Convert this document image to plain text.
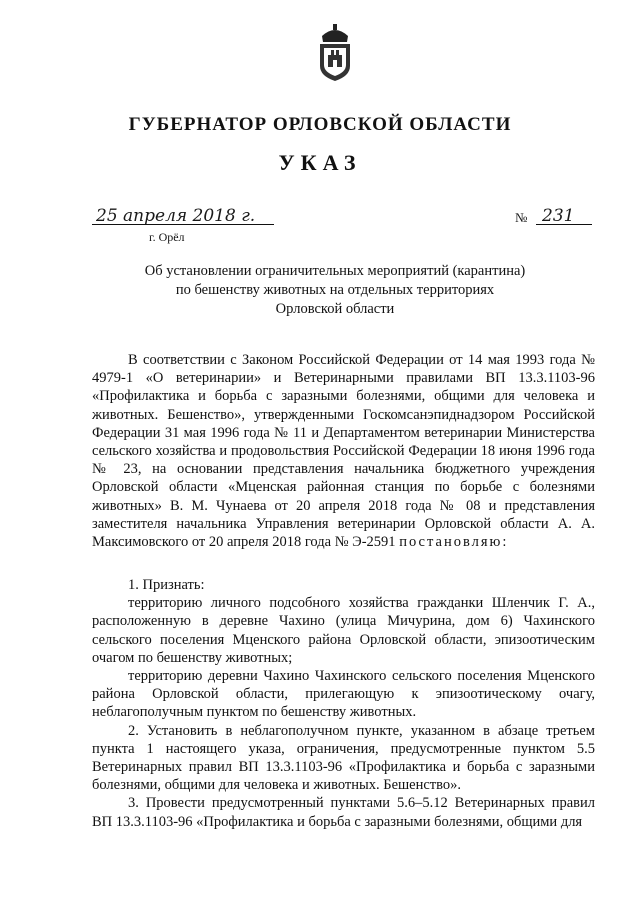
ГУБЕРНАТОР ОРЛОВСКОЙ ОБЛАСТИ
УКАЗ
25 апреля 2018 г.	№ 231
г. Орёл
Об установлении ограничительных мероприятий (карантина)
по бешенству животных на отдельных территориях
Орловской области

В соответствии с Законом Российской Федерации от 14 мая 1993 года № 4979-1 «О ветеринарии» и Ветеринарными правилами ВП 13.3.1103-96 «Профилактика и борьба с заразными болезнями, общими для человека и животных. Бешенство», утвержденными Госкомсанэпиднадзором Российской Федерации 31 мая 1996 года № 11 и Департаментом ветеринарии Министерства сельского хозяйства и продовольствия Российской Федерации 18 июня 1996 года № 23, на основании представления начальника бюджетного учреждения Орловской области «Мценская районная станция по борьбе с болезнями животных» В. М. Чунаева от 20 апреля 2018 года № 08 и представления заместителя начальника Управления ветеринарии Орловской области А. А. Максимовского от 20 апреля 2018 года № Э-2591 постановляю:

1. Признать:

территорию личного подсобного хозяйства гражданки Шленчик Г. А., расположенную в деревне Чахино (улица Мичурина, дом 6) Чахинского сельского поселения Мценского района Орловской области, эпизоотическим очагом по бешенству животных;

территорию деревни Чахино Чахинского сельского поселения Мценского района Орловской области, прилегающую к эпизоотическому очагу, неблагополучным пунктом по бешенству животных.

2. Установить в неблагополучном пункте, указанном в абзаце третьем пункта 1 настоящего указа, ограничения, предусмотренные пунктом 5.5 Ветеринарных правил ВП 13.3.1103-96 «Профилактика и борьба с заразными болезнями, общими для человека и животных. Бешенство».

3. Провести предусмотренный пунктами 5.6–5.12 Ветеринарных правил ВП 13.3.1103-96 «Профилактика и борьба с заразными болезнями, общими для
